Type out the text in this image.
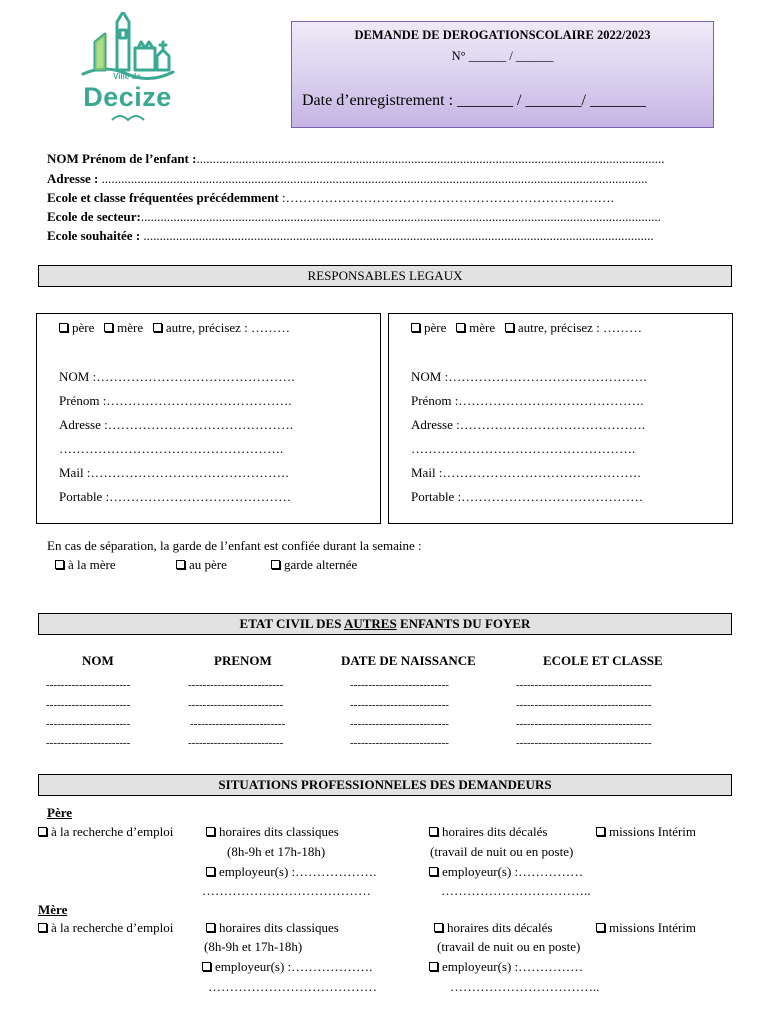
Ville de
Decize
DEMANDE DE DEROGATIONSCOLAIRE 2022/2023
N° ______ / ______
Date d’enregistrement : _______ / _______/ _______
NOM Prénom de l’enfant :................................................................................................................................................
Adresse : ........................................................................................................................................................................
Ecole et classe fréquentées précédemment :………………………………………………………………….
Ecole de secteur:................................................................................................................................................................
Ecole souhaitée : .............................................................................................................................................................
RESPONSABLES LEGAUX
père mère autre, précisez : ………
NOM :……………………………………….
Prénom :…………………………………….
Adresse :…………………………………….
…………………………………………….
Mail :……………………………………….
Portable :……………………………………
père mère autre, précisez : ………
NOM :……………………………………….
Prénom :…………………………………….
Adresse :…………………………………….
…………………………………………….
Mail :……………………………………….
Portable :……………………………………
En cas de séparation, la garde de l’enfant est confiée durant la semaine :
à la mère	au père	garde alternée
ETAT CIVIL DES AUTRES ENFANTS DU FOYER
NOM	PRENOM	DATE DE NAISSANCE	ECOLE ET CLASSE
-----------------------	--------------------------	---------------------------	-------------------------------------
-----------------------	--------------------------	---------------------------	-------------------------------------
-----------------------	--------------------------	---------------------------	-------------------------------------
-----------------------	--------------------------	---------------------------	-------------------------------------
SITUATIONS PROFESSIONNELES DES DEMANDEURS
Père
à la recherche d’emploi	horaires dits classiques
(8h-9h et 17h-18h)
employeur(s) :……………….
…………………………………
horaires dits décalés	missions Intérim
(travail de nuit ou en poste)
employeur(s) :……………
……………………………..
Mère
à la recherche d’emploi	horaires dits classiques
(8h-9h et 17h-18h)
employeur(s) :……………….
…………………………………
horaires dits décalés	missions Intérim
(travail de nuit ou en poste)
employeur(s) :……………
……………………………..
